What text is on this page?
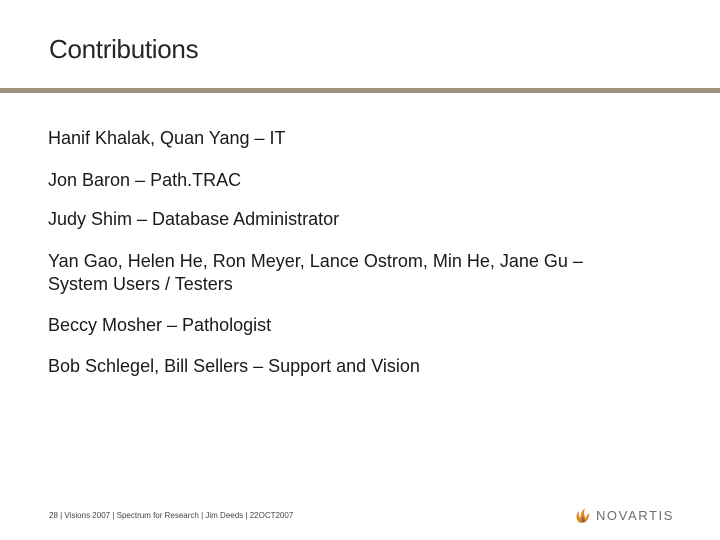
Contributions
Hanif Khalak, Quan Yang – IT
Jon Baron – Path.TRAC
Judy Shim – Database Administrator
Yan Gao, Helen He, Ron Meyer, Lance Ostrom, Min He, Jane Gu –
System Users / Testers
Beccy Mosher – Pathologist
Bob Schlegel, Bill Sellers – Support and Vision
28 | Visions 2007 | Spectrum for Research | Jim Deeds | 22OCT2007	NOVARTIS
